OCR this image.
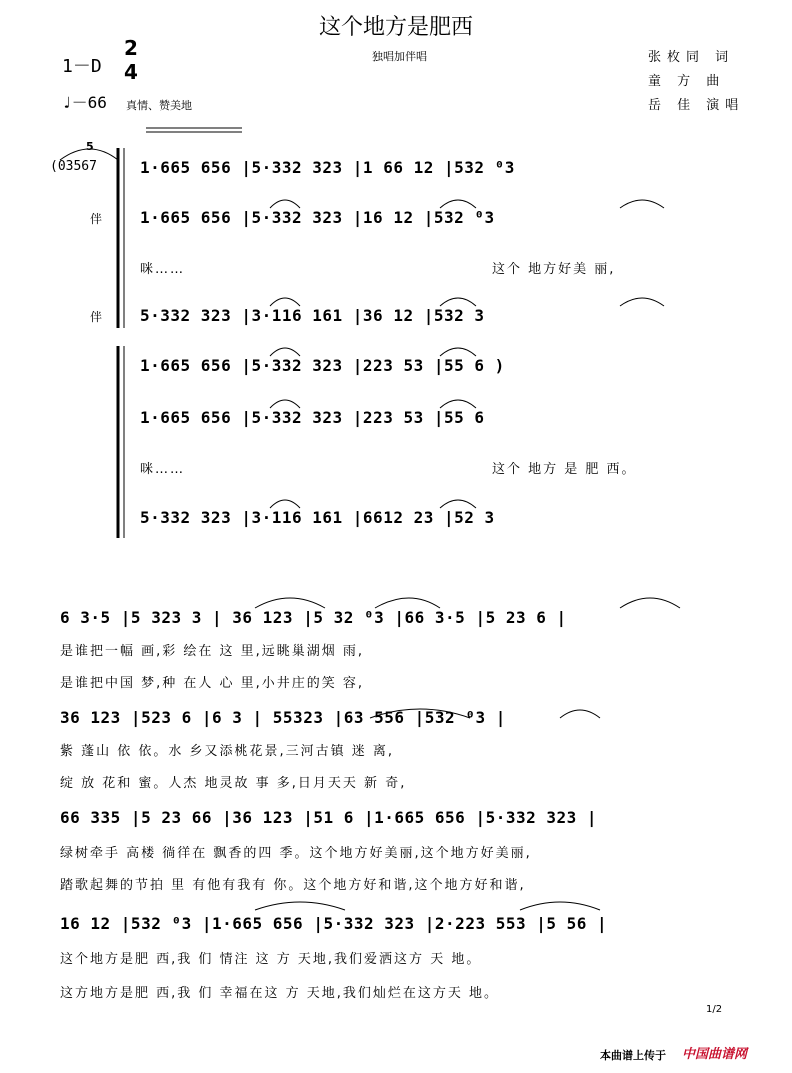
这个地方是肥西
独唱加伴唱
1－D
2
4
♩－66 真情、赞美地
张枚同 词
童 方 曲
岳 佳 演唱
5
(03567
伴
伴
1·665 656 |5·332 323 |1 66 12 |532 ⁰3
1·665 656 |5·332 323 |16 12 |532 ⁰3
咪……	这个 地方好美 丽,
5·332 323 |3·116 161 |36 12 |532 3
1·665 656 |5·332 323 |223 53 |55 6 )
1·665 656 |5·332 323 |223 53 |55 6
咪……	这个 地方 是 肥 西。
5·332 323 |3·116 161 |6612 23 |52 3
6 3·5 |5 323 3 | 36 123 |5 32 ⁰3 |66 3·5 |5 23 6 |
是谁把一幅 画,彩 绘在 这 里,远眺巢湖烟 雨,
是谁把中国 梦,种 在人 心 里,小井庄的笑 容,
36 123 |523 6 |6 3 | 55323 |63 556 |532 ⁰3 |
紫 蓬山 依 依。水 乡又添桃花景,三河古镇 迷 离,
绽 放 花和 蜜。人杰 地灵故 事 多,日月天天 新 奇,
66 335 |5 23 66 |36 123 |51 6 |1·665 656 |5·332 323 |
绿树牵手 高楼 徜徉在 飘香的四 季。这个地方好美丽,这个地方好美丽,
踏歌起舞的节拍 里 有他有我有 你。这个地方好和谐,这个地方好和谐,
16 12 |532 ⁰3 |1·665 656 |5·332 323 |2·223 553 |5 56 |
这个地方是肥 西,我 们 情注 这 方 天地,我们爱洒这方 天 地。
这方地方是肥 西,我 们 幸福在这 方 天地,我们灿烂在这方天 地。
1/2
本曲谱上传于 中国曲谱网
